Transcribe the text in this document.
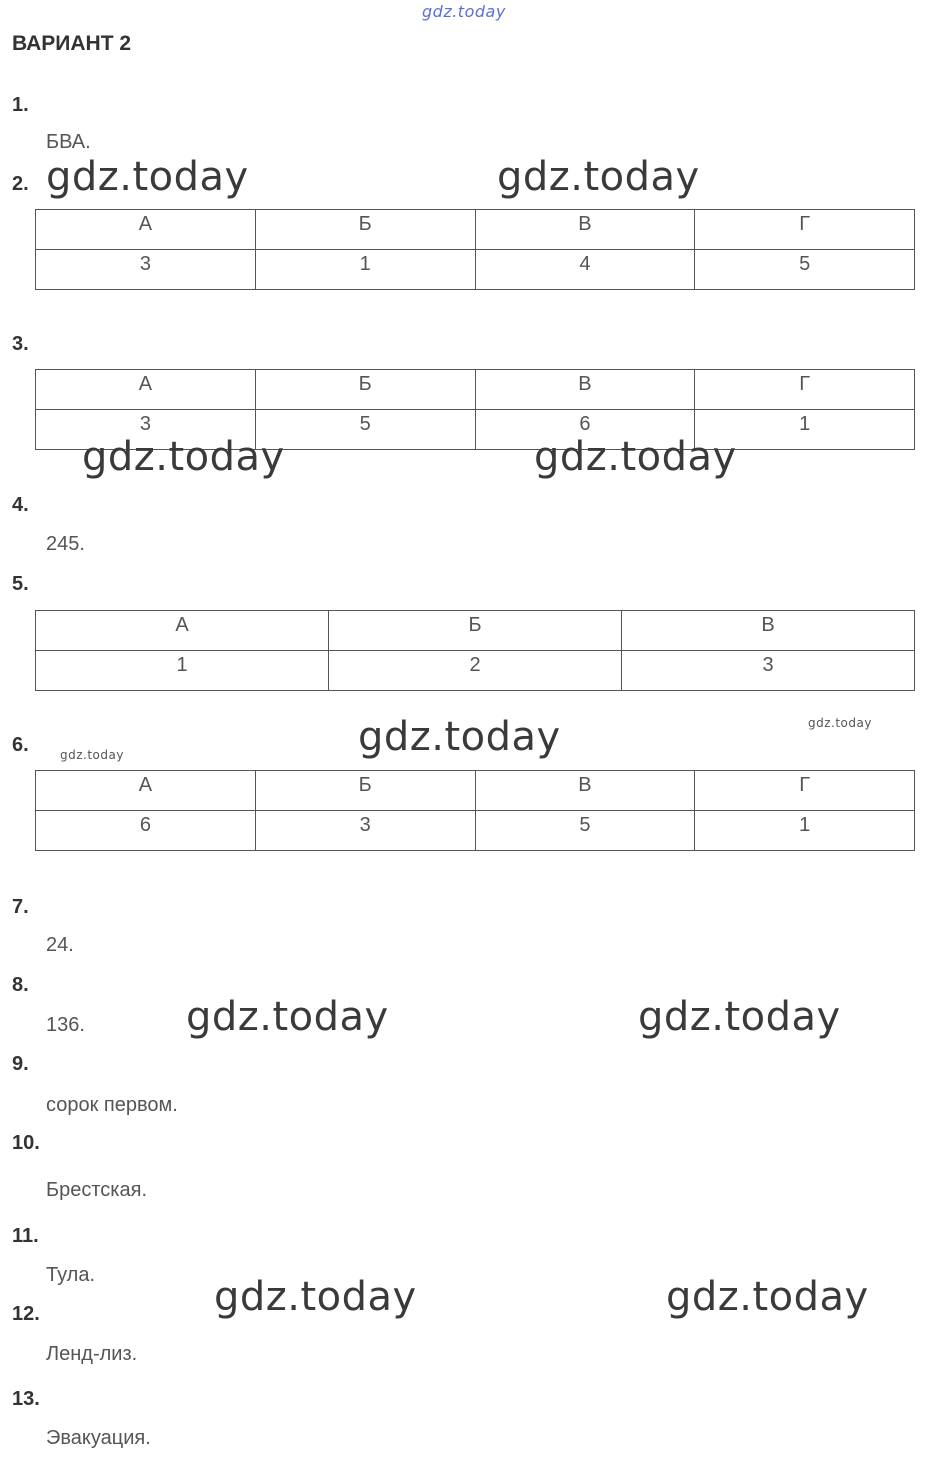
gdz.today
ВАРИАНТ 2
1.
БВА.
2. gdz.today	gdz.today
А	Б	В	Г
3	1	4	5
3.
А	Б	В	Г
3	5	6	1
gdz.today	gdz.today
4.
245.
5.
А	Б	В
1	2	3
gdz.today
gdz.today
6.	gdz.today
А	Б	В	Г
6	3	5	1
7.
24.
8.
136.	gdz.today	gdz.today
9.
сорок первом.
10.
Брестская.
11.
Тула.	gdz.today	gdz.today
12.
Ленд-лиз.
13.
Эвакуация.
